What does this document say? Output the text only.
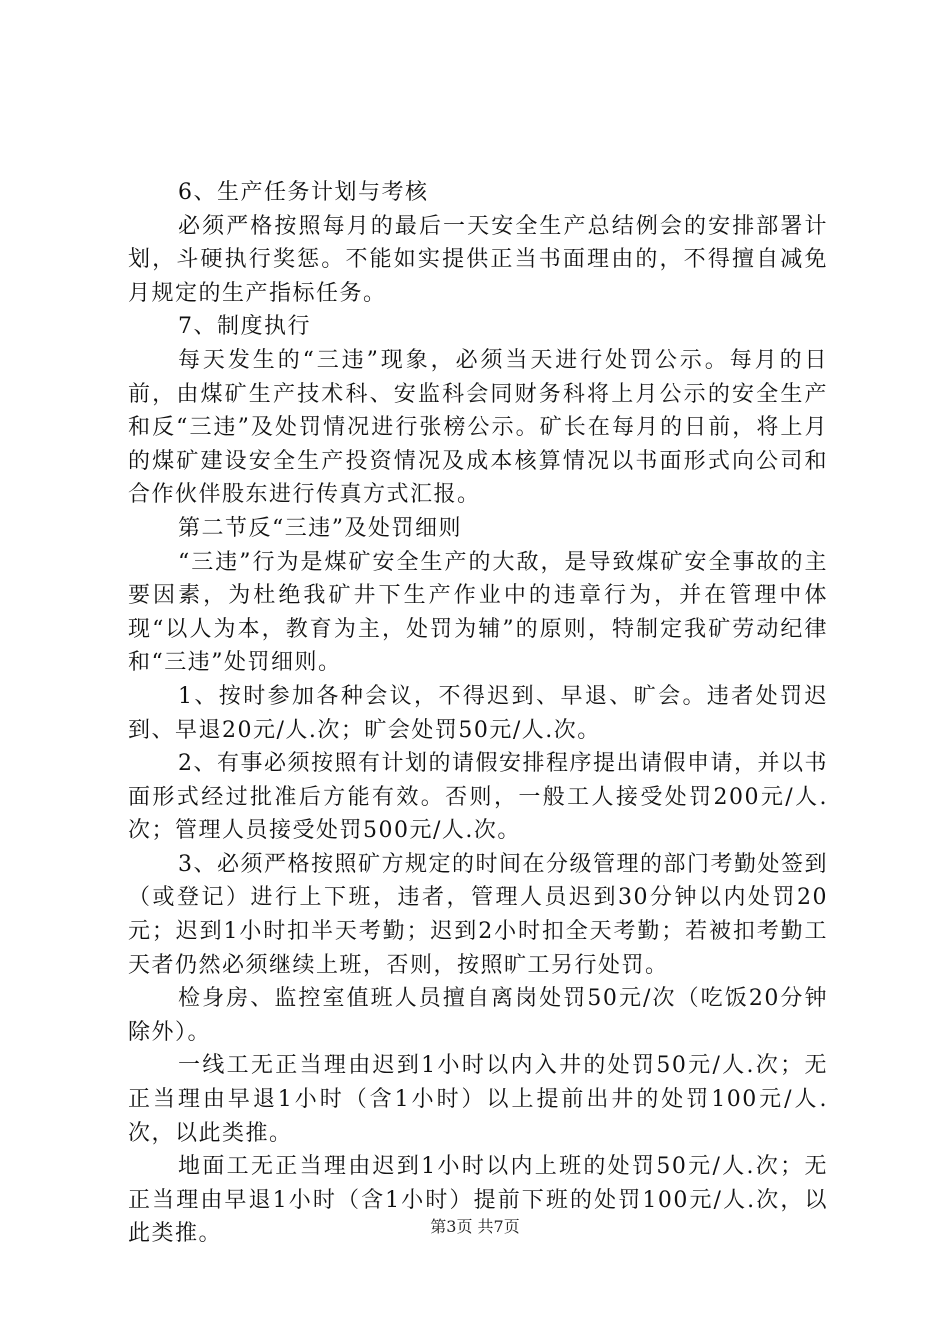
6、生产任务计划与考核

必须严格按照每月的最后一天安全生产总结例会的安排部署计划，斗硬执行奖惩。不能如实提供正当书面理由的，不得擅自减免月规定的生产指标任务。

7、制度执行

每天发生的“三违”现象，必须当天进行处罚公示。每月的日前，由煤矿生产技术科、安监科会同财务科将上月公示的安全生产和反“三违”及处罚情况进行张榜公示。矿长在每月的日前，将上月的煤矿建设安全生产投资情况及成本核算情况以书面形式向公司和合作伙伴股东进行传真方式汇报。

第二节反“三违”及处罚细则

“三违”行为是煤矿安全生产的大敌，是导致煤矿安全事故的主要因素，为杜绝我矿井下生产作业中的违章行为，并在管理中体现“以人为本，教育为主，处罚为辅”的原则，特制定我矿劳动纪律和“三违”处罚细则。

1、按时参加各种会议，不得迟到、早退、旷会。违者处罚迟到、早退20元/人.次；旷会处罚50元/人.次。

2、有事必须按照有计划的请假安排程序提出请假申请，并以书面形式经过批准后方能有效。否则，一般工人接受处罚200元/人.次；管理人员接受处罚500元/人.次。

3、必须严格按照矿方规定的时间在分级管理的部门考勤处签到（或登记）进行上下班，违者，管理人员迟到30分钟以内处罚20元；迟到1小时扣半天考勤；迟到2小时扣全天考勤；若被扣考勤工天者仍然必须继续上班，否则，按照旷工另行处罚。

检身房、监控室值班人员擅自离岗处罚50元/次（吃饭20分钟除外）。

一线工无正当理由迟到1小时以内入井的处罚50元/人.次；无正当理由早退1小时（含1小时）以上提前出井的处罚100元/人.次，以此类推。

地面工无正当理由迟到1小时以内上班的处罚50元/人.次；无正当理由早退1小时（含1小时）提前下班的处罚100元/人.次，以此类推。	第3页 共7页
